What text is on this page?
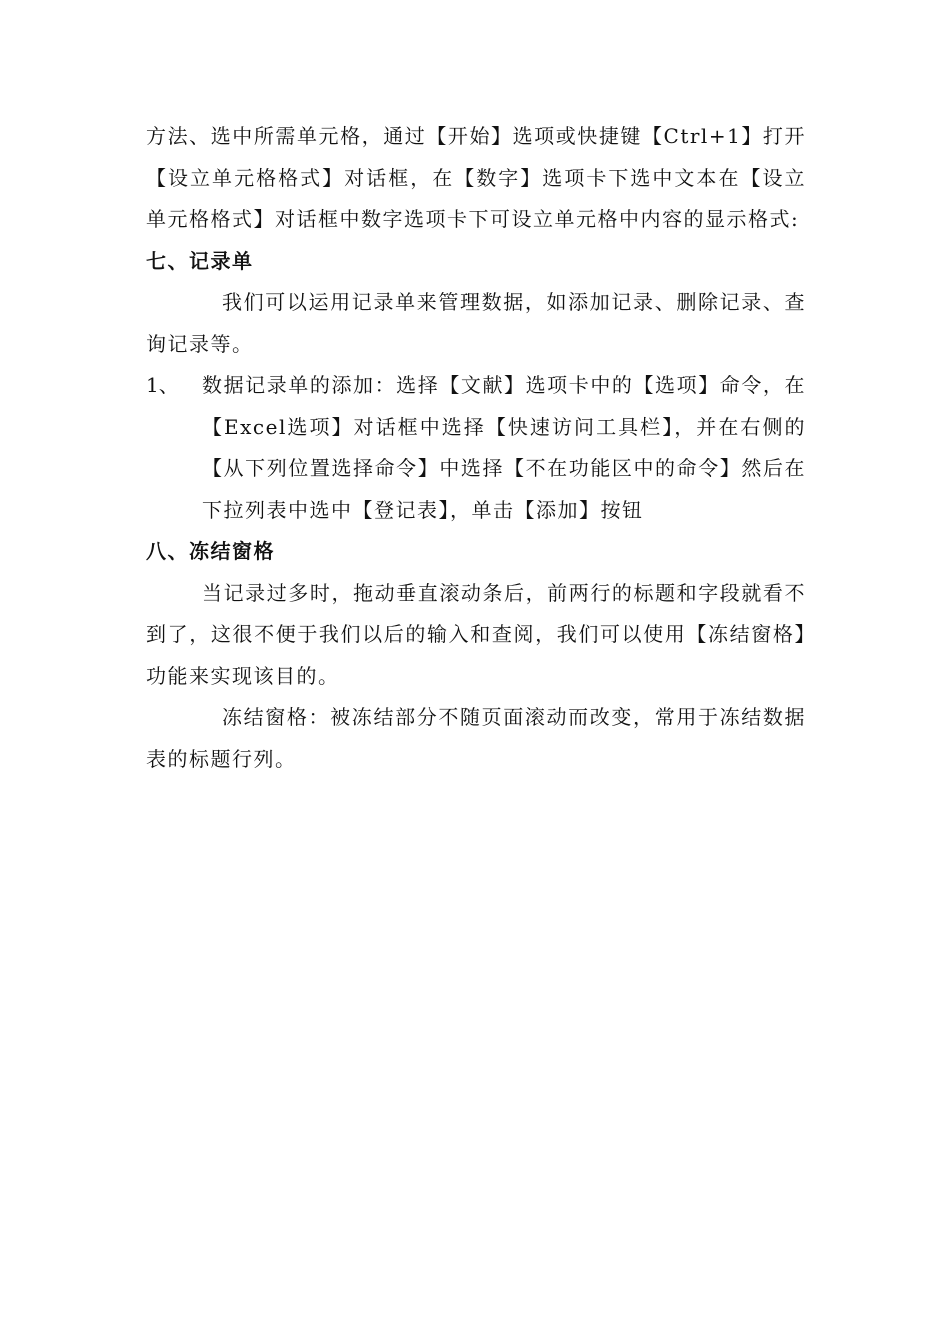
方法、选中所需单元格，通过【开始】选项或快捷键【Ctrl+1】打开【设立单元格格式】对话框，在【数字】选项卡下选中文本在【设立单元格格式】对话框中数字选项卡下可设立单元格中内容的显示格式:

七、记录单

我们可以运用记录单来管理数据，如添加记录、删除记录、查询记录等。

1、 数据记录单的添加：选择【文献】选项卡中的【选项】命令，在【Excel选项】对话框中选择【快速访问工具栏】，并在右侧的【从下列位置选择命令】中选择【不在功能区中的命令】然后在下拉列表中选中【登记表】，单击【添加】按钮

八、冻结窗格

当记录过多时，拖动垂直滚动条后，前两行的标题和字段就看不到了，这很不便于我们以后的输入和查阅，我们可以使用【冻结窗格】功能来实现该目的。

冻结窗格：被冻结部分不随页面滚动而改变，常用于冻结数据表的标题行列。
